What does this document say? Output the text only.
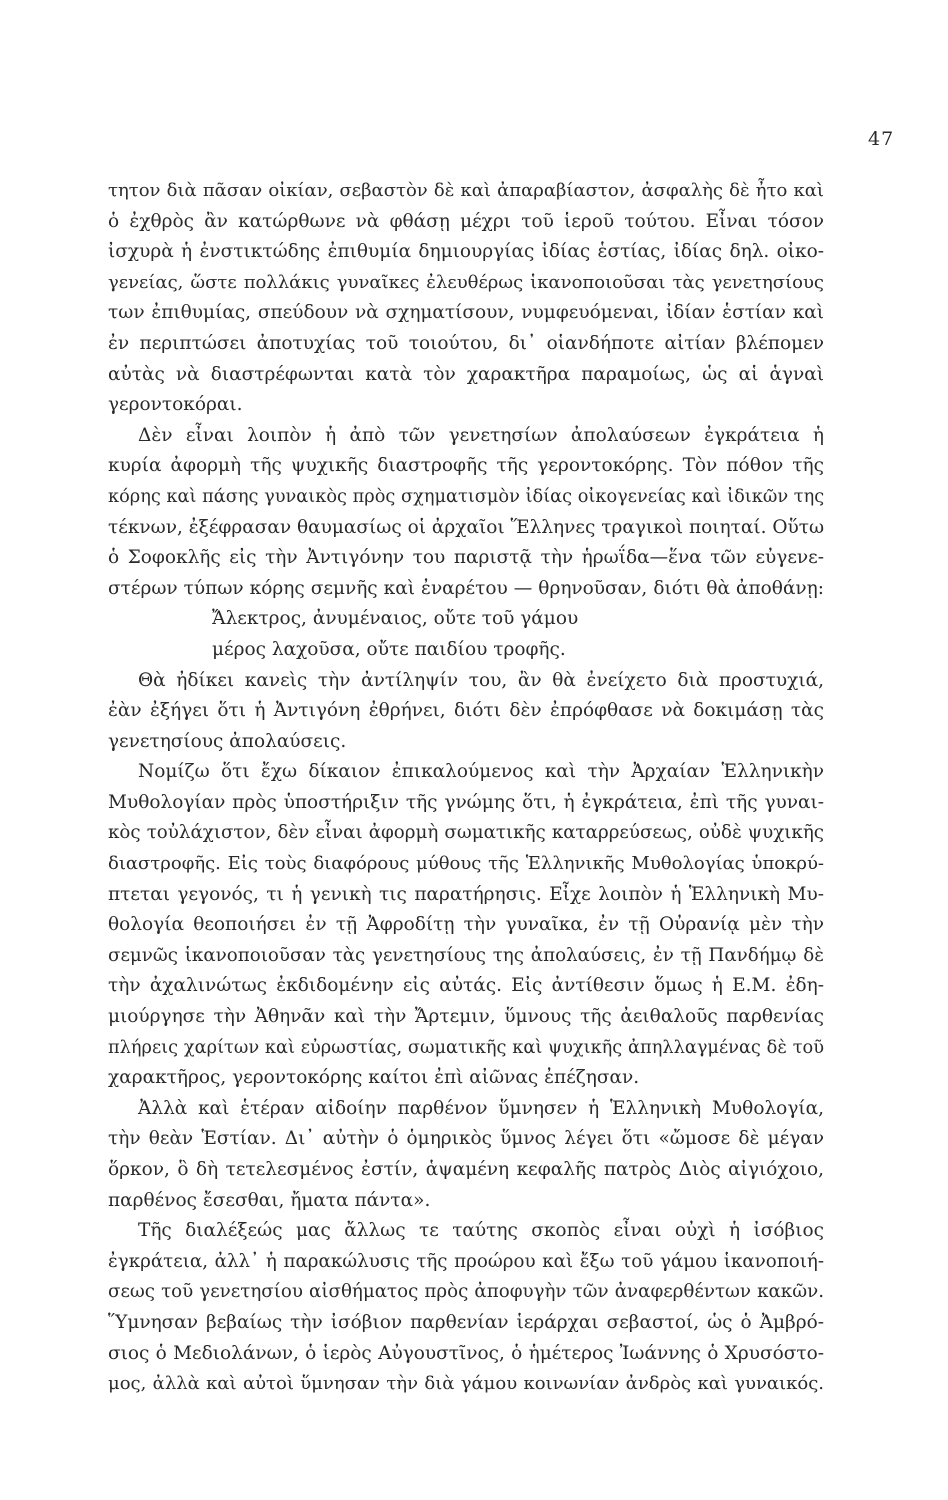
47
τητον διὰ πᾶσαν οἰκίαν, σεβαστὸν δὲ καὶ ἀπαραβίαστον, ἀσφαλὴς δὲ ἦτο καὶ
ὁ ἐχθρὸς ἂν κατώρθωνε νὰ φθάσῃ μέχρι τοῦ ἱεροῦ τούτου. Εἶναι τόσον
ἰσχυρὰ ἡ ἐνστικτώδης ἐπιθυμία δημιουργίας ἰδίας ἑστίας, ἰδίας δηλ. οἰκο-
γενείας, ὥστε πολλάκις γυναῖκες ἐλευθέρως ἱκανοποιοῦσαι τὰς γενετησίους
των ἐπιθυμίας, σπεύδουν νὰ σχηματίσουν, νυμφευόμεναι, ἰδίαν ἑστίαν καὶ
ἐν περιπτώσει ἀποτυχίας τοῦ τοιούτου, δι᾿ οἱανδήποτε αἰτίαν βλέπομεν
αὐτὰς νὰ διαστρέφωνται κατὰ τὸν χαρακτῆρα παραμοίως, ὡς αἱ ἁγναὶ
γεροντοκόραι.
Δὲν εἶναι λοιπὸν ἡ ἀπὸ τῶν γενετησίων ἀπολαύσεων ἐγκράτεια ἡ
κυρία ἀφορμὴ τῆς ψυχικῆς διαστροφῆς τῆς γεροντοκόρης. Τὸν πόθον τῆς
κόρης καὶ πάσης γυναικὸς πρὸς σχηματισμὸν ἰδίας οἰκογενείας καὶ ἰδικῶν της
τέκνων, ἐξέφρασαν θαυμασίως οἱ ἀρχαῖοι Ἕλληνες τραγικοὶ ποιηταί. Οὕτω
ὁ Σοφοκλῆς εἰς τὴν Ἀντιγόνην του παριστᾷ τὴν ἡρωΐδα—ἕνα τῶν εὐγενε-
στέρων τύπων κόρης σεμνῆς καὶ ἐναρέτου — θρηνοῦσαν, διότι θὰ ἀποθάνῃ:
Ἄλεκτρος, ἀνυμέναιος, οὔτε τοῦ γάμου
μέρος λαχοῦσα, οὔτε παιδίου τροφῆς.
Θὰ ἠδίκει κανεὶς τὴν ἀντίληψίν του, ἂν θὰ ἐνείχετο διὰ προστυχιά,
ἐὰν ἐξήγει ὅτι ἡ Ἀντιγόνη ἐθρήνει, διότι δὲν ἐπρόφθασε νὰ δοκιμάσῃ τὰς
γενετησίους ἀπολαύσεις.
Νομίζω ὅτι ἔχω δίκαιον ἐπικαλούμενος καὶ τὴν Ἀρχαίαν Ἑλληνικὴν
Μυθολογίαν πρὸς ὑποστήριξιν τῆς γνώμης ὅτι, ἡ ἐγκράτεια, ἐπὶ τῆς γυναι-
κὸς τοὐλάχιστον, δὲν εἶναι ἀφορμὴ σωματικῆς καταρρεύσεως, οὐδὲ ψυχικῆς
διαστροφῆς. Εἰς τοὺς διαφόρους μύθους τῆς Ἑλληνικῆς Μυθολογίας ὑποκρύ-
πτεται γεγονός, τι ἡ γενικὴ τις παρατήρησις. Εἶχε λοιπὸν ἡ Ἑλληνικὴ Μυ-
θολογία θεοποιήσει ἐν τῇ Ἀφροδίτῃ τὴν γυναῖκα, ἐν τῇ Οὐρανίᾳ μὲν τὴν
σεμνῶς ἱκανοποιοῦσαν τὰς γενετησίους της ἀπολαύσεις, ἐν τῇ Πανδήμῳ δὲ
τὴν ἀχαλινώτως ἐκδιδομένην εἰς αὐτάς. Εἰς ἀντίθεσιν ὅμως ἡ Ε.Μ. ἐδη-
μιούργησε τὴν Ἀθηνᾶν καὶ τὴν Ἄρτεμιν, ὕμνους τῆς ἀειθαλοῦς παρθενίας
πλήρεις χαρίτων καὶ εὐρωστίας, σωματικῆς καὶ ψυχικῆς ἀπηλλαγμένας δὲ τοῦ
χαρακτῆρος, γεροντοκόρης καίτοι ἐπὶ αἰῶνας ἐπέζησαν.
Ἀλλὰ καὶ ἑτέραν αἰδοίην παρθένον ὕμνησεν ἡ Ἑλληνικὴ Μυθολογία,
τὴν θεὰν Ἑστίαν. Δι᾿ αὐτὴν ὁ ὁμηρικὸς ὕμνος λέγει ὅτι «ὤμοσε δὲ μέγαν
ὅρκον, ὃ δὴ τετελεσμένος ἐστίν, ἁψαμένη κεφαλῆς πατρὸς Διὸς αἰγιόχοιο,
παρθένος ἔσεσθαι, ἤματα πάντα».
Τῆς διαλέξεώς μας ἄλλως τε ταύτης σκοπὸς εἶναι οὐχὶ ἡ ἰσόβιος
ἐγκράτεια, ἀλλ᾿ ἡ παρακώλυσις τῆς προώρου καὶ ἔξω τοῦ γάμου ἱκανοποιή-
σεως τοῦ γενετησίου αἰσθήματος πρὸς ἀποφυγὴν τῶν ἀναφερθέντων κακῶν.
Ὕμνησαν βεβαίως τὴν ἰσόβιον παρθενίαν ἱεράρχαι σεβαστοί, ὡς ὁ Ἀμβρό-
σιος ὁ Μεδιολάνων, ὁ ἱερὸς Αὐγουστῖνος, ὁ ἡμέτερος Ἰωάννης ὁ Χρυσόστο-
μος, ἀλλὰ καὶ αὐτοὶ ὕμνησαν τὴν διὰ γάμου κοινωνίαν ἀνδρὸς καὶ γυναικός.
